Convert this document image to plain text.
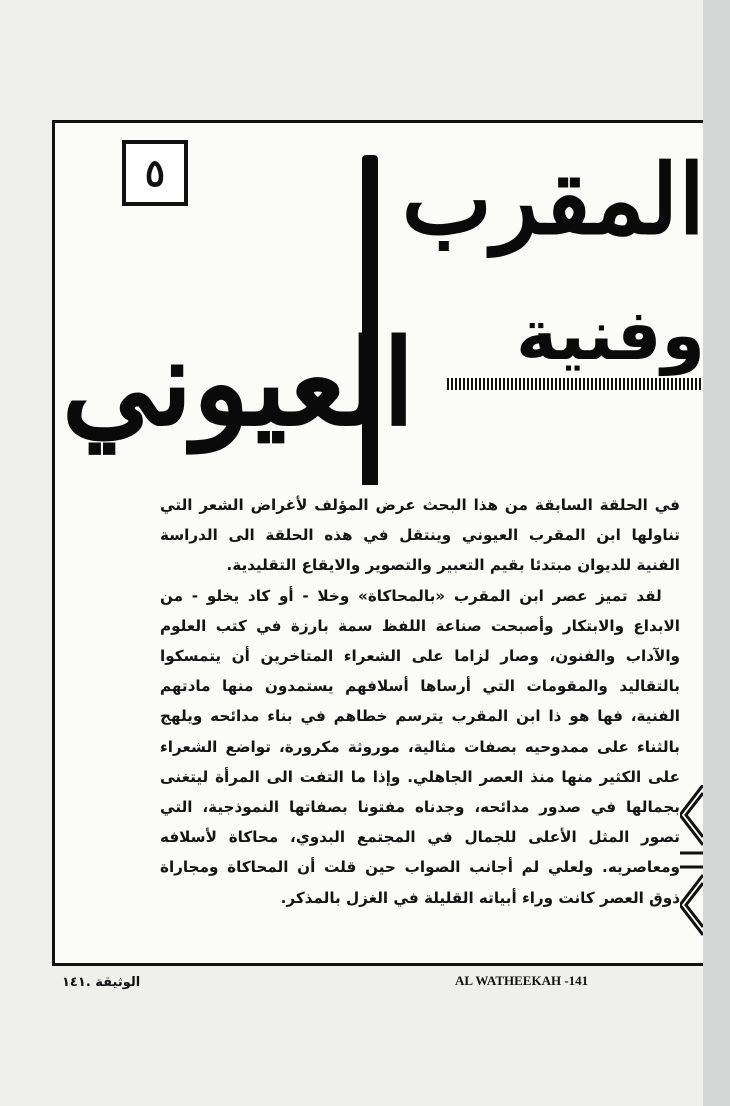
٥ المقرب
وفنية
العيوني

في الحلقة السابقة من هذا البحث عرض المؤلف لأغراض الشعر التي تناولها ابن المقرب العيوني وينتقل في هذه الحلقة الى الدراسة الفنية للديوان مبتدئا بقيم التعبير والتصوير والايقاع التقليدية.

لقد تميز عصر ابن المقرب «بالمحاكاة» وخلا - أو كاد يخلو - من الابداع والابتكار وأصبحت صناعة اللفظ سمة بارزة في كتب العلوم والآداب والفنون، وصار لزاما على الشعراء المتاخرين أن يتمسكوا بالتقاليد والمقومات التي أرساها أسلافهم يستمدون منها مادتهم الفنية، فها هو ذا ابن المقرب يترسم خطاهم في بناء مدائحه ويلهج بالثناء على ممدوحيه بصفات مثالية، موروثة مكرورة، تواضع الشعراء على الكثير منها منذ العصر الجاهلي. وإذا ما التفت الى المرأة ليتغنى بجمالها في صدور مدائحه، وجدناه مفتونا بصفاتها النموذجية، التي تصور المثل الأعلى للجمال في المجتمع البدوي، محاكاة لأسلافه ومعاصريه. ولعلي لم أجانب الصواب حين قلت أن المحاكاة ومجاراة ذوق العصر كانت وراء أبياته القليلة في الغزل بالمذكر.

الوثيقة .١٤١	AL WATHEEKAH -141
